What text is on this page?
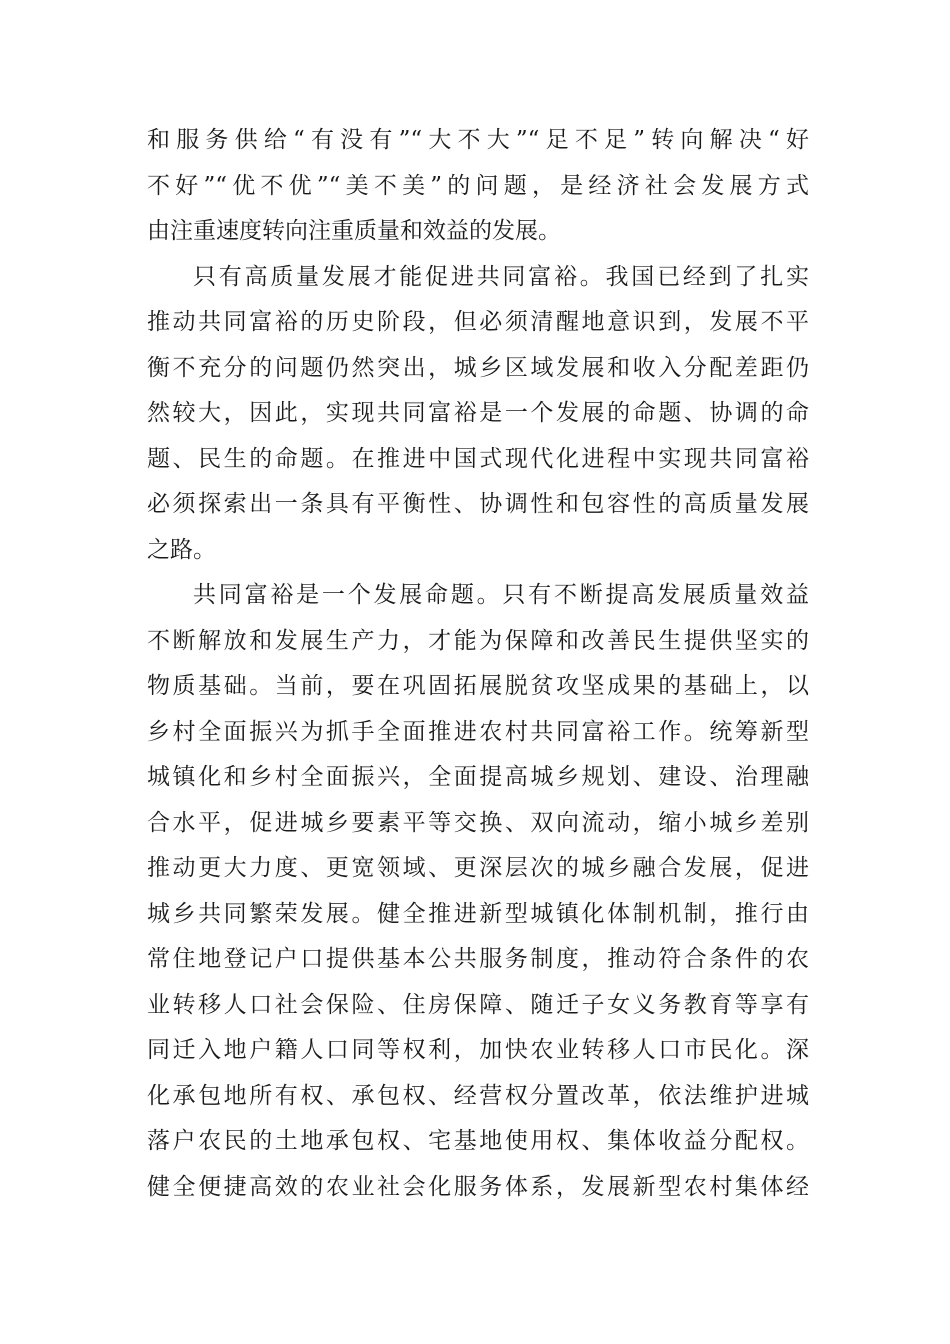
和服务供给“有没有”“大不大”“足不足”转向解决“好
不好”“优不优”“美不美”的问题，是经济社会发展方式
由注重速度转向注重质量和效益的发展。
只有高质量发展才能促进共同富裕。我国已经到了扎实
推动共同富裕的历史阶段，但必须清醒地意识到，发展不平
衡不充分的问题仍然突出，城乡区域发展和收入分配差距仍
然较大，因此，实现共同富裕是一个发展的命题、协调的命
题、民生的命题。在推进中国式现代化进程中实现共同富裕
必须探索出一条具有平衡性、协调性和包容性的高质量发展
之路。
共同富裕是一个发展命题。只有不断提高发展质量效益
不断解放和发展生产力，才能为保障和改善民生提供坚实的
物质基础。当前，要在巩固拓展脱贫攻坚成果的基础上，以
乡村全面振兴为抓手全面推进农村共同富裕工作。统筹新型
城镇化和乡村全面振兴，全面提高城乡规划、建设、治理融
合水平，促进城乡要素平等交换、双向流动，缩小城乡差别
推动更大力度、更宽领域、更深层次的城乡融合发展，促进
城乡共同繁荣发展。健全推进新型城镇化体制机制，推行由
常住地登记户口提供基本公共服务制度，推动符合条件的农
业转移人口社会保险、住房保障、随迁子女义务教育等享有
同迁入地户籍人口同等权利，加快农业转移人口市民化。深
化承包地所有权、承包权、经营权分置改革，依法维护进城
落户农民的土地承包权、宅基地使用权、集体收益分配权。
健全便捷高效的农业社会化服务体系，发展新型农村集体经
